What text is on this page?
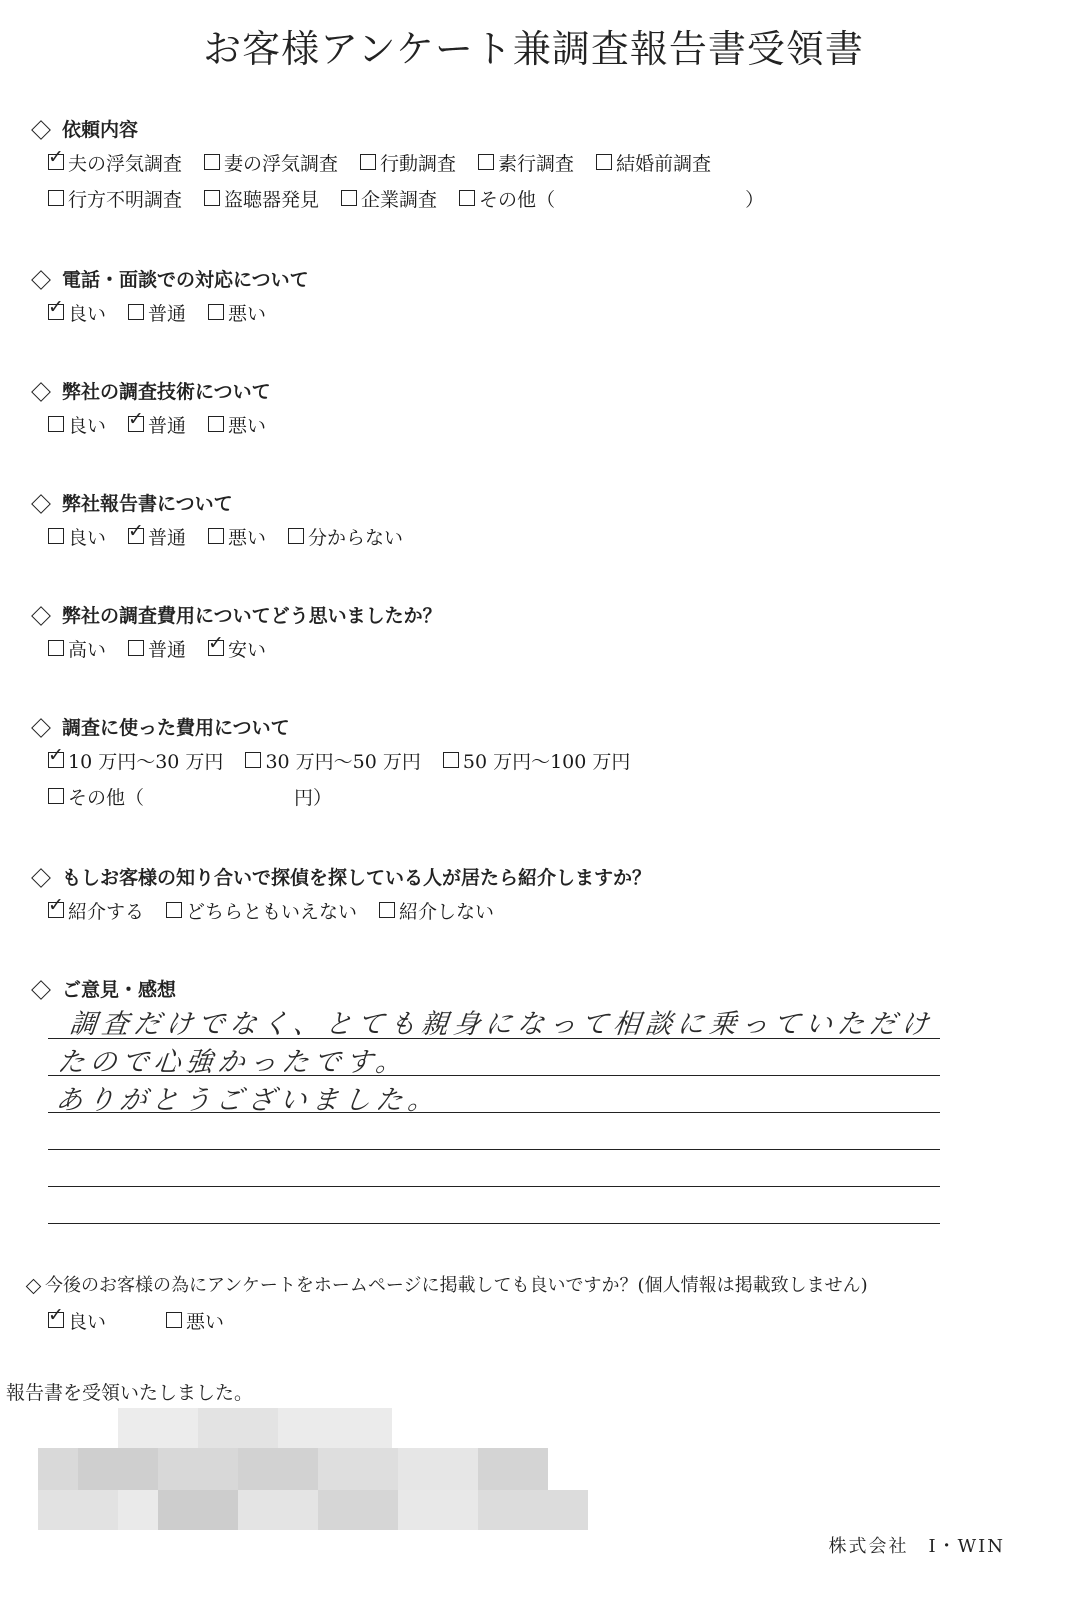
お客様アンケート兼調査報告書受領書
依頼内容
✓
夫の浮気調査 妻の浮気調査 行動調査 素行調査 結婚前調査
行方不明調査 盗聴器発見 企業調査 その他 （	）
電話・面談での対応について
✓
良い 普通 悪い
弊社の調査技術について
良い ✓ 普通 悪い
弊社報告書について
良い ✓ 普通 悪い 分からない
弊社の調査費用についてどう思いましたか？
高い 普通 ✓ 安い
調査に使った費用について
✓
10 万円～30 万円 30 万円～50 万円 50 万円～100 万円
その他 （	円）
もしお客様の知り合いで探偵を探している人が居たら紹介しますか？
✓
紹介する どちらともいえない 紹介しない
ご意見・感想
調査だけでなく、とても親身になって相談に乗っていただけ
たので心強かったです。
ありがとうございました。
今後のお客様の為にアンケートをホームページに掲載しても良いですか？(個人情報は掲載致しません)
✓
良い	悪い
報告書を受領いたしました。
株式会社　I・WIN
